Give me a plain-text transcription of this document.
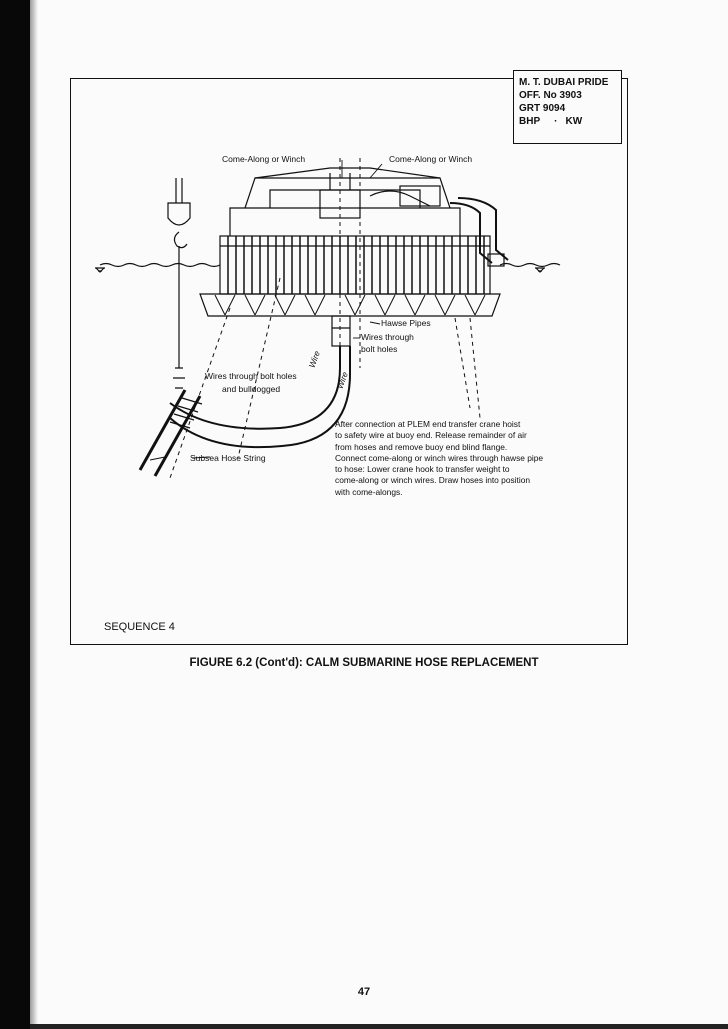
Come-Along or Winch	Come-Along or Winch
Hawse Pipes
Wires through
bolt holes
Wires through bolt holes
and bulldogged
Wire
Wire
Subsea Hose String
After connection at PLEM end transfer crane hoist
to safety wire at buoy end. Release remainder of air
from hoses and remove buoy end blind flange.
Connect come-along or winch wires through hawse pipe
to hose: Lower crane hook to transfer weight to
come-along or winch wires. Draw hoses into position
with come-alongs.
M. T. DUBAI PRIDE
OFF. No 3903
GRT 9094
BHP · KW
SEQUENCE 4
FIGURE 6.2 (Cont'd): CALM SUBMARINE HOSE REPLACEMENT
47
